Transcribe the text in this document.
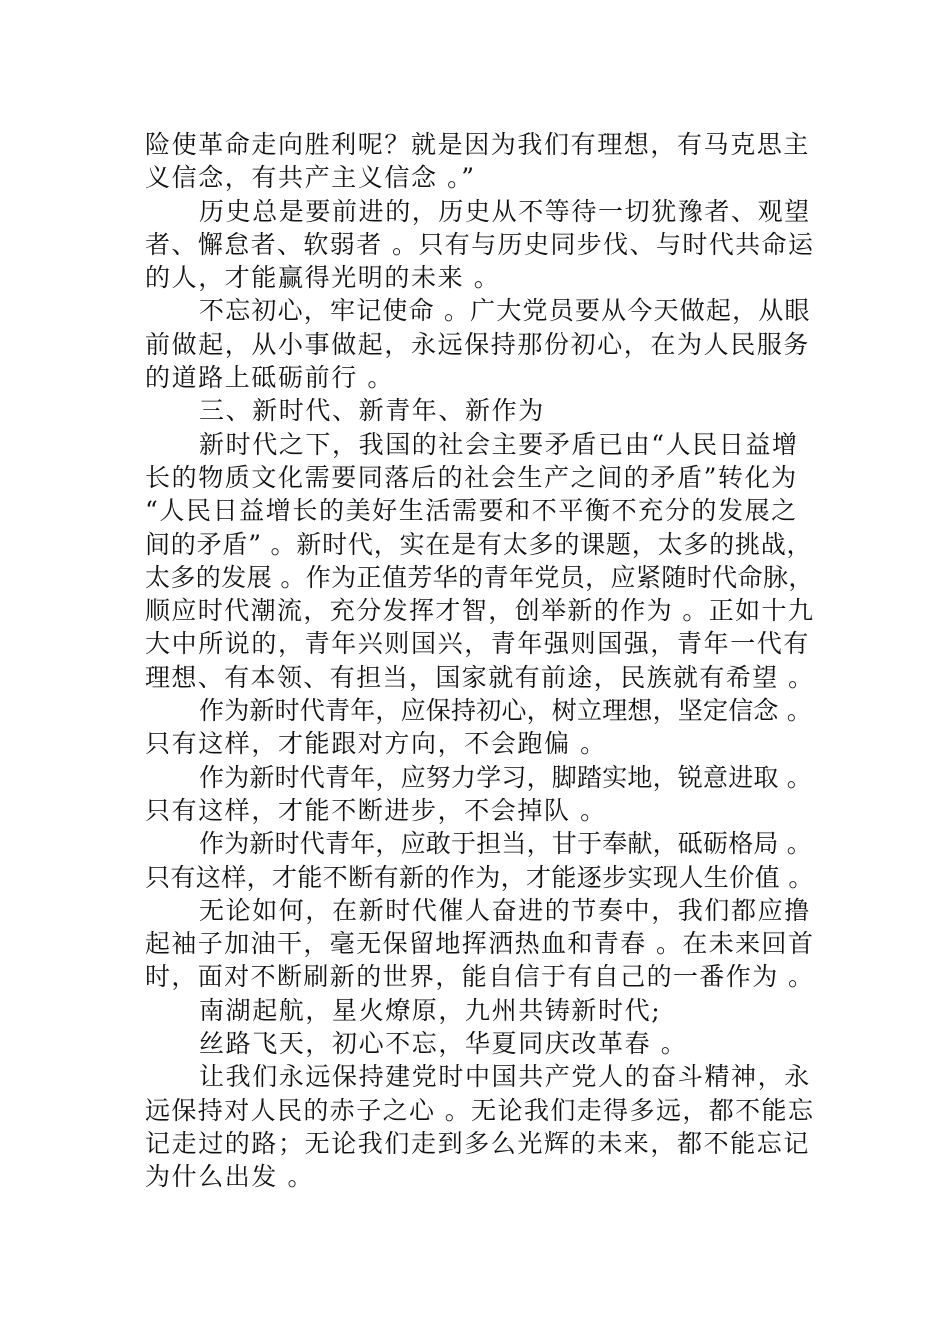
险使革命走向胜利呢？就是因为我们有理想，有马克思主
义信念，有共产主义信念 。”
历史总是要前进的，历史从不等待一切犹豫者、观望
者、懈怠者、软弱者 。只有与历史同步伐、与时代共命运
的人，才能赢得光明的未来 。
不忘初心，牢记使命 。广大党员要从今天做起，从眼
前做起，从小事做起，永远保持那份初心，在为人民服务
的道路上砥砺前行 。
三、新时代、新青年、新作为
新时代之下，我国的社会主要矛盾已由“人民日益增
长的物质文化需要同落后的社会生产之间的矛盾”转化为
“人民日益增长的美好生活需要和不平衡不充分的发展之
间的矛盾” 。新时代，实在是有太多的课题，太多的挑战，
太多的发展 。作为正值芳华的青年党员，应紧随时代命脉，
顺应时代潮流，充分发挥才智，创举新的作为 。正如十九
大中所说的，青年兴则国兴，青年强则国强，青年一代有
理想、有本领、有担当，国家就有前途，民族就有希望 。
作为新时代青年，应保持初心，树立理想，坚定信念 。
只有这样，才能跟对方向，不会跑偏 。
作为新时代青年，应努力学习，脚踏实地，锐意进取 。
只有这样，才能不断进步，不会掉队 。
作为新时代青年，应敢于担当，甘于奉献，砥砺格局 。
只有这样，才能不断有新的作为，才能逐步实现人生价值 。
无论如何，在新时代催人奋进的节奏中，我们都应撸
起袖子加油干，毫无保留地挥洒热血和青春 。在未来回首
时，面对不断刷新的世界，能自信于有自己的一番作为 。
南湖起航，星火燎原，九州共铸新时代;
丝路飞天，初心不忘，华夏同庆改革春 。
让我们永远保持建党时中国共产党人的奋斗精神，永
远保持对人民的赤子之心 。无论我们走得多远，都不能忘
记走过的路；无论我们走到多么光辉的未来，都不能忘记
为什么出发 。
